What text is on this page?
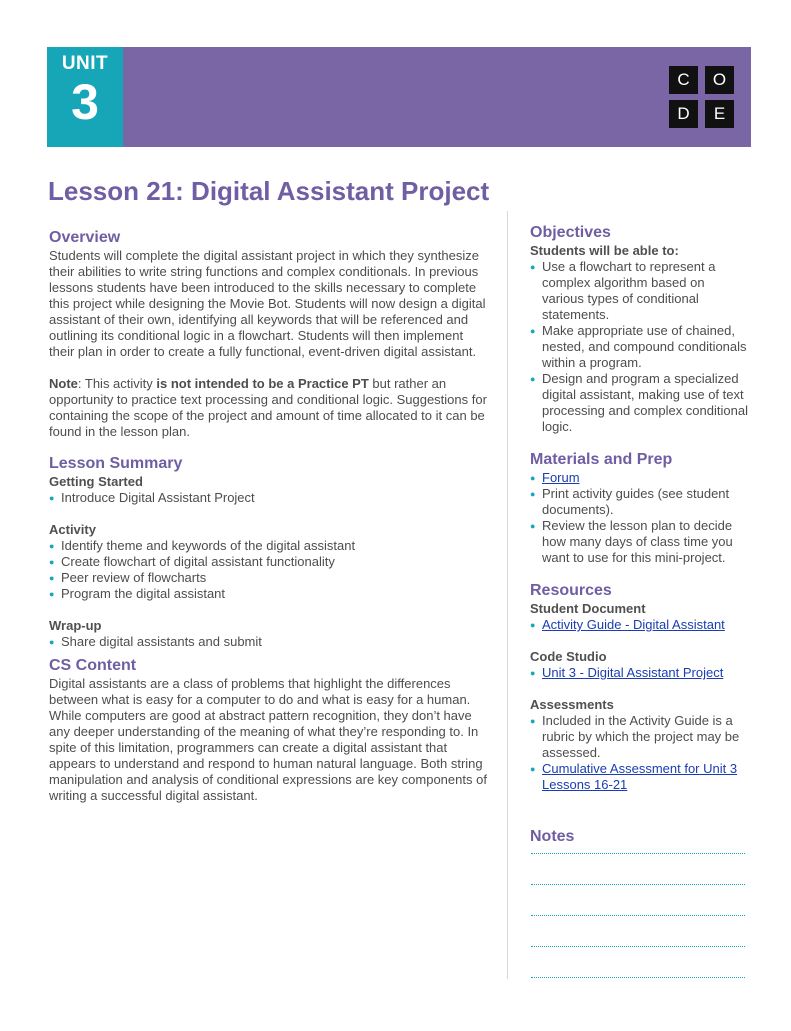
UNIT
3	C	O
D	E
Lesson 21: Digital Assistant Project
Overview

Students will complete the digital assistant project in which they synthesize their abilities to write string functions and complex conditionals. In previous lessons students have been introduced to the skills necessary to complete this project while designing the Movie Bot. Students will now design a digital assistant of their own, identifying all keywords that will be referenced and outlining its conditional logic in a flowchart. Students will then implement their plan in order to create a fully functional, event-driven digital assistant.

Note: This activity is not intended to be a Practice PT but rather an opportunity to practice text processing and conditional logic. Suggestions for containing the scope of the project and amount of time allocated to it can be found in the lesson plan.

Lesson Summary
Getting Started
● Introduce Digital Assistant Project
Activity
● Identify theme and keywords of the digital assistant
● Create flowchart of digital assistant functionality
● Peer review of flowcharts
● Program the digital assistant
Wrap-up
● Share digital assistants and submit
CS Content

Digital assistants are a class of problems that highlight the differences between what is easy for a computer to do and what is easy for a human. While computers are good at abstract pattern recognition, they don’t have any deeper understanding of the meaning of what they’re responding to. In spite of this limitation, programmers can create a digital assistant that appears to understand and respond to human natural language. Both string manipulation and analysis of conditional expressions are key components of writing a successful digital assistant.

Objectives
Students will be able to:
● Use a flowchart to represent a complex algorithm based on various types of conditional statements.
● Make appropriate use of chained, nested, and compound conditionals within a program.
● Design and program a specialized digital assistant, making use of text processing and complex conditional logic.
Materials and Prep
● Forum
● Print activity guides (see student documents).
● Review the lesson plan to decide how many days of class time you want to use for this mini-project.
Resources
Student Document
● Activity Guide - Digital Assistant
Code Studio
● Unit 3 - Digital Assistant Project
Assessments
● Included in the Activity Guide is a rubric by which the project may be assessed.
● Cumulative Assessment for Unit 3 Lessons 16-21
Notes
